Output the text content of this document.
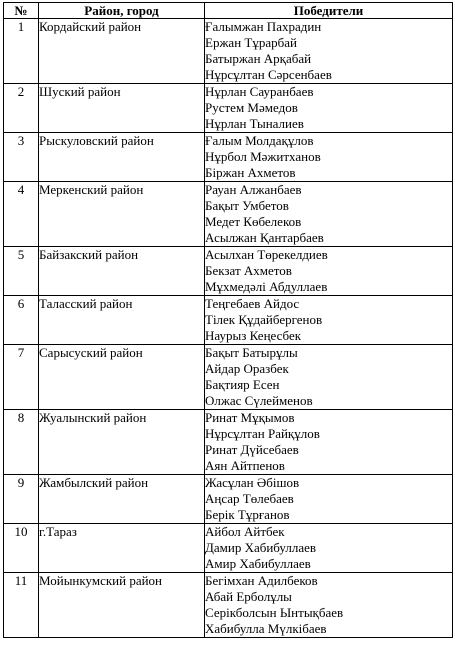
№	Район, город	Победители
1	Кордайский район	Ғалымжан Пахрадин
Ержан Тұрарбай
Батыржан Арқабай
Нұрсұлтан Сәрсенбаев

2	Шуский район	Нұрлан Сауранбаев
Рустем Мәмедов
Нұрлан Тыналиев

3	Рыскуловский район	Ғалым Молдақұлов
Нұрбол Мәжитханов
Біржан Ахметов

4	Меркенский район	Рауан Алжанбаев
Бақыт Умбетов
Медет Көбелеков
Асылжан Қантарбаев

5	Байзакский район	Асылхан Төрекелдиев
Бекзат Ахметов
Мұхмедәлі Абдуллаев

6	Таласский район	Теңгебаев Айдос
Тілек Құдайбергенов
Наурыз Кеңесбек

7	Сарысуский район	Бақыт Батырұлы
Айдар Оразбек
Бақтияр Есен
Олжас Сүлейменов

8	Жуалынский район	Ринат Мұқымов
Нұрсұлтан Райқұлов
Ринат Дүйсебаев
Аян Айтпенов

9	Жамбылский район	Жасұлан Әбішов
Аңсар Төлебаев
Берік Тұрғанов

10	г.Тараз	Айбол Айтбек
Дамир Хабибуллаев
Амир Хабибуллаев

11	Мойынкумский район	Бегімхан Адилбеков
Абай Ерболұлы
Серікболсын Ынтықбаев
Хабибулла Мүлкібаев
